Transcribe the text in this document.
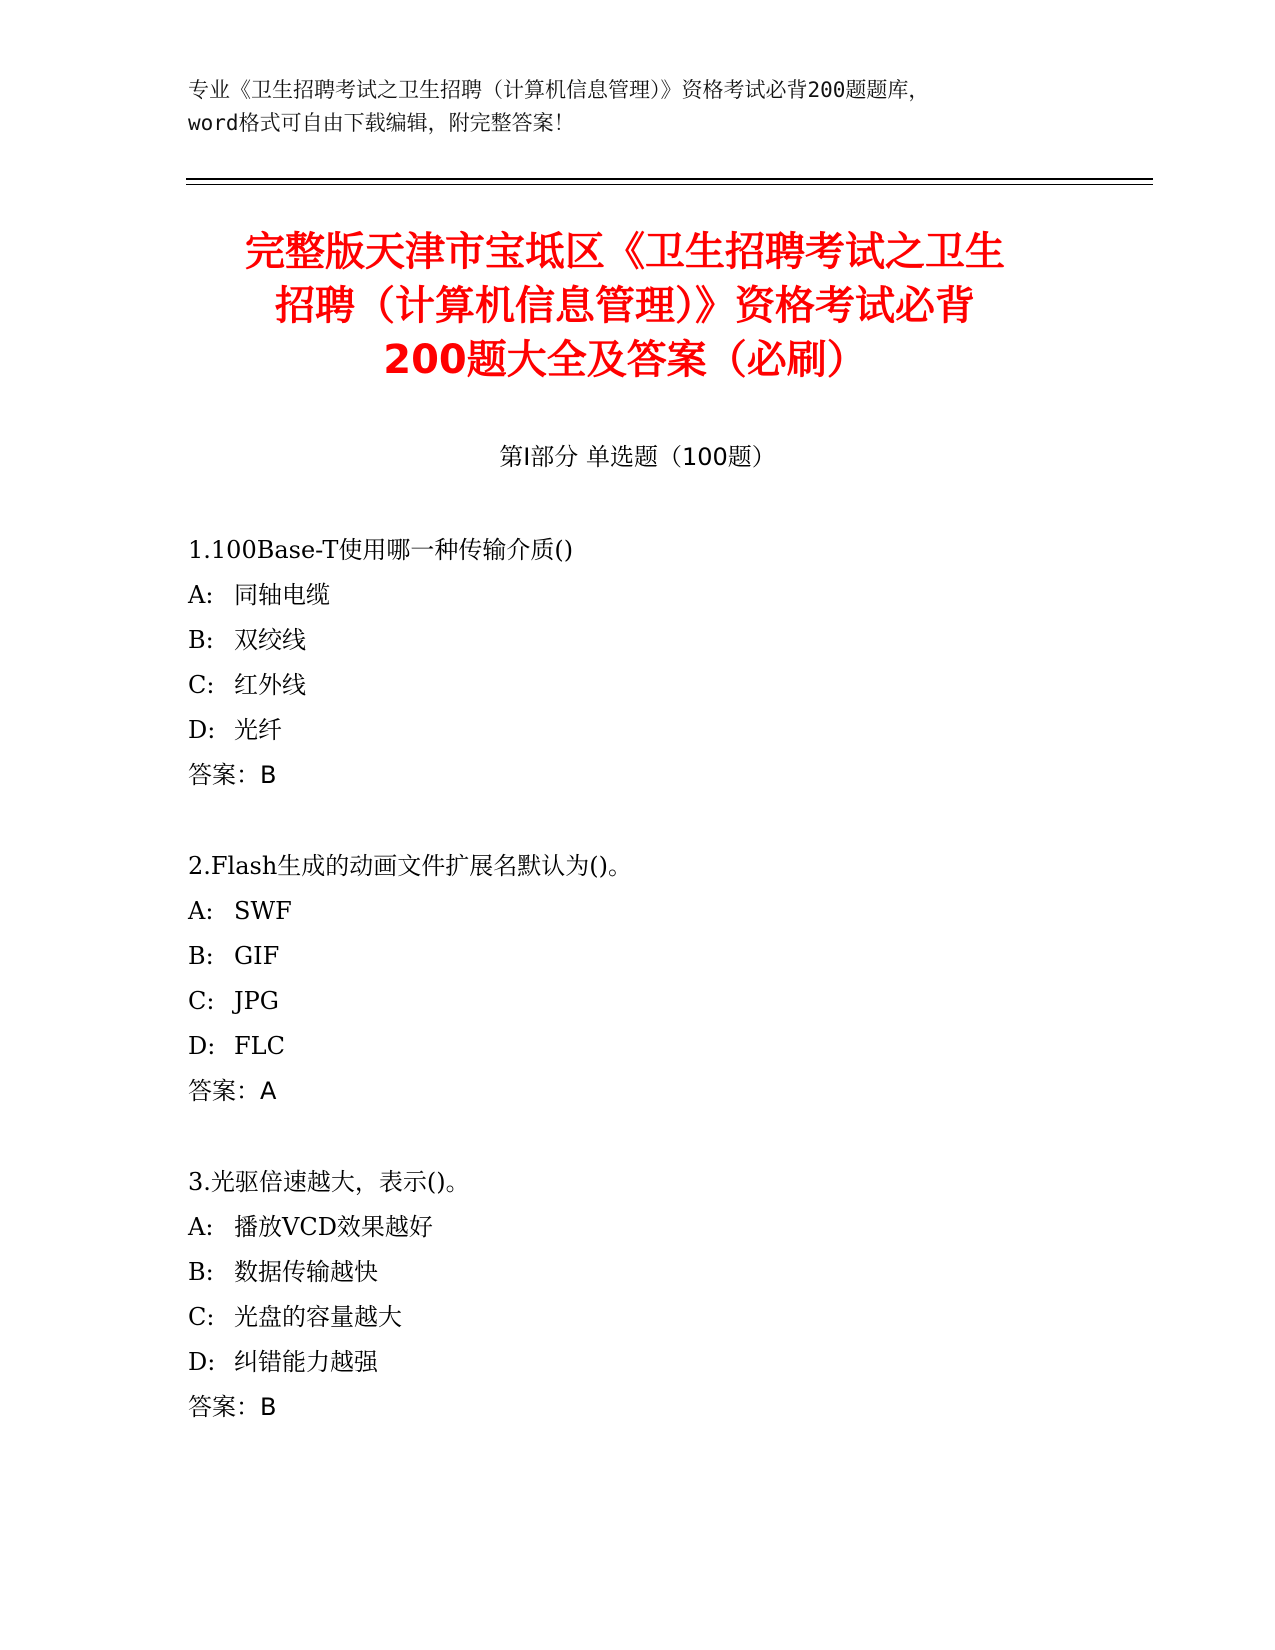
专业《卫生招聘考试之卫生招聘（计算机信息管理）》资格考试必背200题题库，
word格式可自由下载编辑，附完整答案！
完整版天津市宝坻区《卫生招聘考试之卫生
招聘（计算机信息管理）》资格考试必背
200题大全及答案（必刷）
第I部分 单选题（100题）
1.100Base-T使用哪一种传输介质()
A: 同轴电缆
B: 双绞线
C: 红外线
D: 光纤
答案：B
2.Flash生成的动画文件扩展名默认为()。
A: SWF
B: GIF
C: JPG
D: FLC
答案：A
3.光驱倍速越大，表示()。
A: 播放VCD效果越好
B: 数据传输越快
C: 光盘的容量越大
D: 纠错能力越强
答案：B
